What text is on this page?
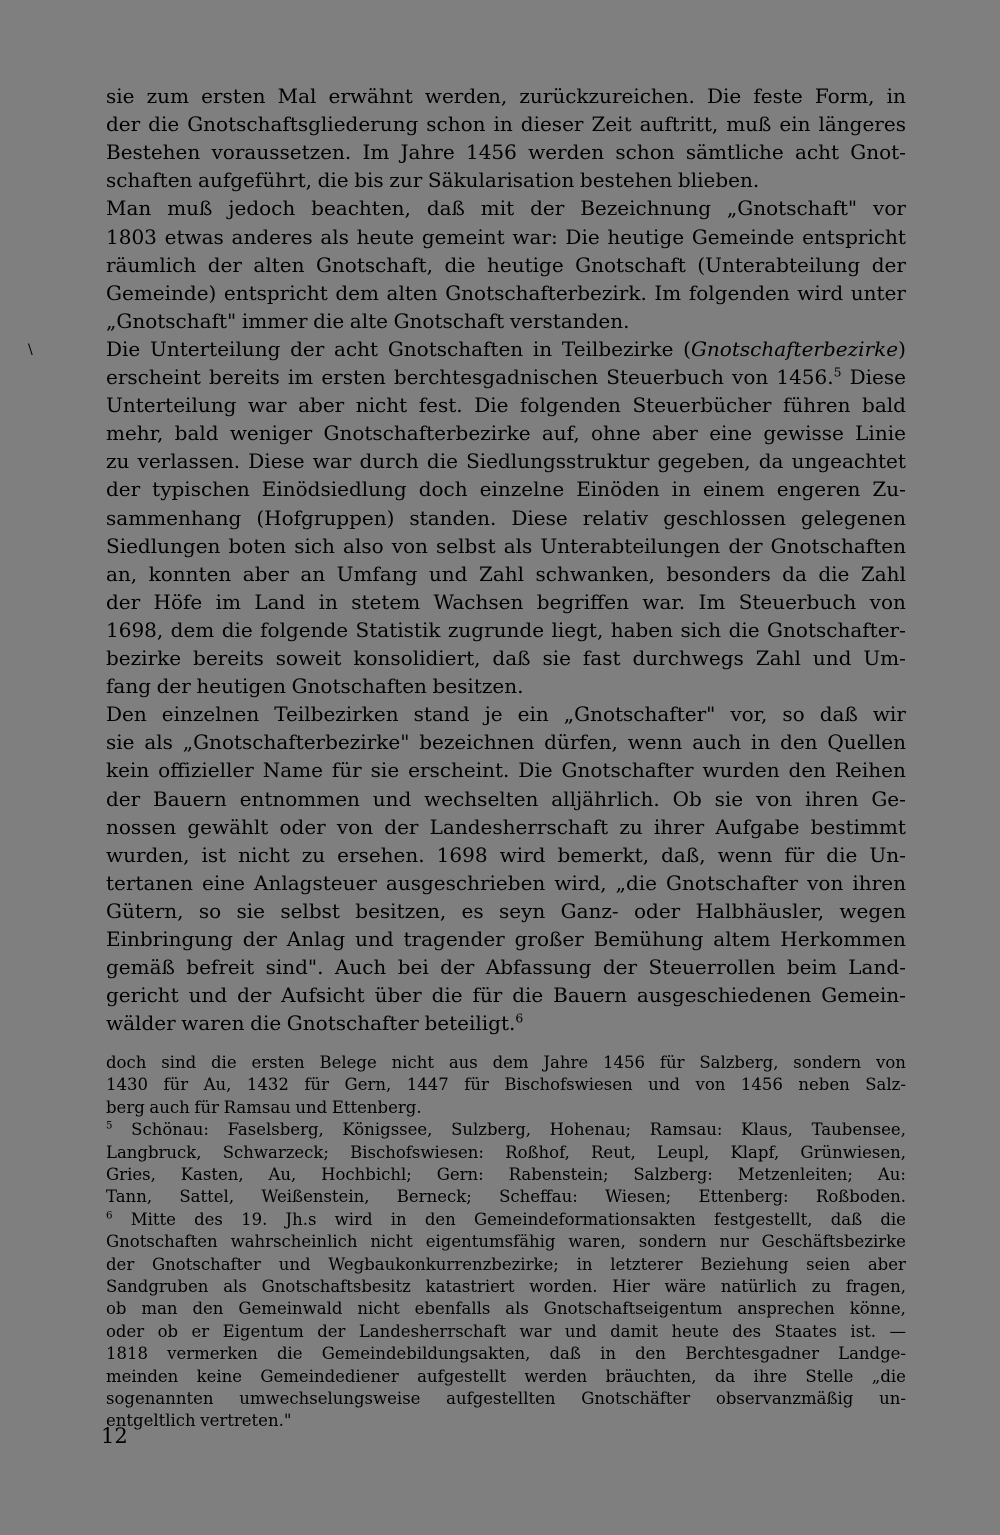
\
sie zum ersten Mal erwähnt werden, zurückzureichen. Die feste Form, in
der die Gnotschaftsgliederung schon in dieser Zeit auftritt, muß ein längeres
Bestehen voraussetzen. Im Jahre 1456 werden schon sämtliche acht Gnot-
schaften aufgeführt, die bis zur Säkularisation bestehen blieben.
Man muß jedoch beachten, daß mit der Bezeichnung „Gnotschaft" vor
1803 etwas anderes als heute gemeint war: Die heutige Gemeinde entspricht
räumlich der alten Gnotschaft, die heutige Gnotschaft (Unterabteilung der
Gemeinde) entspricht dem alten Gnotschafterbezirk. Im folgenden wird unter
„Gnotschaft" immer die alte Gnotschaft verstanden.
Die Unterteilung der acht Gnotschaften in Teilbezirke (Gnotschafterbezirke)
erscheint bereits im ersten berchtesgadnischen Steuerbuch von 1456.$^5$ Diese
Unterteilung war aber nicht fest. Die folgenden Steuerbücher führen bald
mehr, bald weniger Gnotschafterbezirke auf, ohne aber eine gewisse Linie
zu verlassen. Diese war durch die Siedlungsstruktur gegeben, da ungeachtet
der typischen Einödsiedlung doch einzelne Einöden in einem engeren Zu-
sammenhang (Hofgruppen) standen. Diese relativ geschlossen gelegenen
Siedlungen boten sich also von selbst als Unterabteilungen der Gnotschaften
an, konnten aber an Umfang und Zahl schwanken, besonders da die Zahl
der Höfe im Land in stetem Wachsen begriffen war. Im Steuerbuch von
1698, dem die folgende Statistik zugrunde liegt, haben sich die Gnotschafter-
bezirke bereits soweit konsolidiert, daß sie fast durchwegs Zahl und Um-
fang der heutigen Gnotschaften besitzen.
Den einzelnen Teilbezirken stand je ein „Gnotschafter" vor, so daß wir
sie als „Gnotschafterbezirke" bezeichnen dürfen, wenn auch in den Quellen
kein offizieller Name für sie erscheint. Die Gnotschafter wurden den Reihen
der Bauern entnommen und wechselten alljährlich. Ob sie von ihren Ge-
nossen gewählt oder von der Landesherrschaft zu ihrer Aufgabe bestimmt
wurden, ist nicht zu ersehen. 1698 wird bemerkt, daß, wenn für die Un-
tertanen eine Anlagsteuer ausgeschrieben wird, „die Gnotschafter von ihren
Gütern, so sie selbst besitzen, es seyn Ganz- oder Halbhäusler, wegen
Einbringung der Anlag und tragender großer Bemühung altem Herkommen
gemäß befreit sind". Auch bei der Abfassung der Steuerrollen beim Land-
gericht und der Aufsicht über die für die Bauern ausgeschiedenen Gemein-
wälder waren die Gnotschafter beteiligt.$^6$
doch sind die ersten Belege nicht aus dem Jahre 1456 für Salzberg, sondern von
1430 für Au, 1432 für Gern, 1447 für Bischofswiesen und von 1456 neben Salz-
berg auch für Ramsau und Ettenberg.
$^5$ Schönau: Faselsberg, Königssee, Sulzberg, Hohenau; Ramsau: Klaus, Taubensee,
Langbruck, Schwarzeck; Bischofswiesen: Roßhof, Reut, Leupl, Klapf, Grünwiesen,
Gries, Kasten, Au, Hochbichl; Gern: Rabenstein; Salzberg: Metzenleiten; Au:
Tann, Sattel, Weißenstein, Berneck; Scheffau: Wiesen; Ettenberg: Roßboden.
$^6$ Mitte des 19. Jh.s wird in den Gemeindeformationsakten festgestellt, daß die
Gnotschaften wahrscheinlich nicht eigentumsfähig waren, sondern nur Geschäftsbezirke
der Gnotschafter und Wegbaukonkurrenzbezirke; in letzterer Beziehung seien aber
Sandgruben als Gnotschaftsbesitz katastriert worden. Hier wäre natürlich zu fragen,
ob man den Gemeinwald nicht ebenfalls als Gnotschaftseigentum ansprechen könne,
oder ob er Eigentum der Landesherrschaft war und damit heute des Staates ist. —
1818 vermerken die Gemeindebildungsakten, daß in den Berchtesgadner Landge-
meinden keine Gemeindediener aufgestellt werden bräuchten, da ihre Stelle „die
sogenannten umwechselungsweise aufgestellten Gnotschäfter observanzmäßig un-
entgeltlich vertreten."
12
